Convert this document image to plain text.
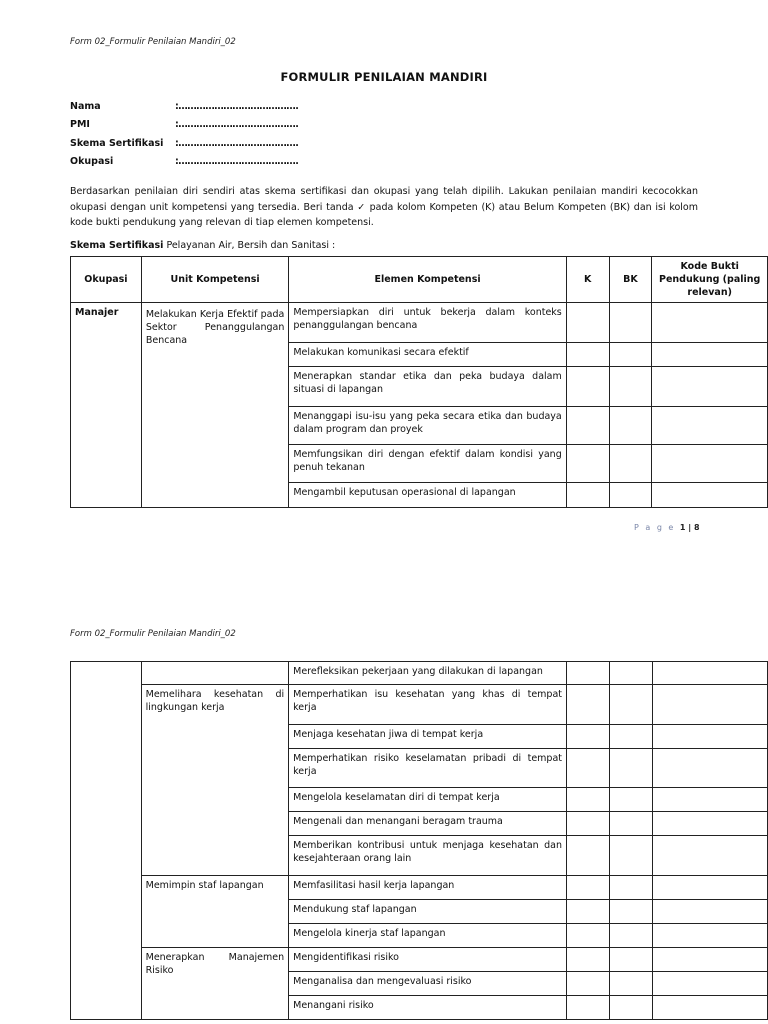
Form 02_Formulir Penilaian Mandiri_02
FORMULIR PENILAIAN MANDIRI
Nama	:………………………………….
PMI	:………………………………….
Skema Sertifikasi	:………………………………….
Okupasi	:………………………………….
Berdasarkan penilaian diri sendiri atas skema sertifikasi dan okupasi yang telah dipilih. Lakukan penilaian mandiri kecocokkan okupasi dengan unit kompetensi yang tersedia. Beri tanda ✓ pada kolom Kompeten (K) atau Belum Kompeten (BK) dan isi kolom kode bukti pendukung yang relevan di tiap elemen kompetensi.
Skema Sertifikasi Pelayanan Air, Bersih dan Sanitasi :
Okupasi	Unit Kompetensi	Elemen Kompetensi	K	BK	Kode Bukti Pendukung (paling relevan)
Manajer	Melakukan Kerja Efektif pada Sektor Penanggulangan Bencana	Mempersiapkan diri untuk bekerja dalam konteks penanggulangan bencana			
		Melakukan komunikasi secara efektif			
		Menerapkan standar etika dan peka budaya dalam situasi di lapangan			
		Menanggapi isu-isu yang peka secara etika dan budaya dalam program dan proyek			
		Memfungsikan diri dengan efektif dalam kondisi yang penuh tekanan			
		Mengambil keputusan operasional di lapangan			
P a g e 1 | 8
Form 02_Formulir Penilaian Mandiri_02
		Merefleksikan pekerjaan yang dilakukan di lapangan			
	Memelihara kesehatan di lingkungan kerja	Memperhatikan isu kesehatan yang khas di tempat kerja			
		Menjaga kesehatan jiwa di tempat kerja			
		Memperhatikan risiko keselamatan pribadi di tempat kerja			
		Mengelola keselamatan diri di tempat kerja			
		Mengenali dan menangani beragam trauma			
		Memberikan kontribusi untuk menjaga kesehatan dan kesejahteraan orang lain			
	Memimpin staf lapangan	Memfasilitasi hasil kerja lapangan			
		Mendukung staf lapangan			
		Mengelola kinerja staf lapangan			
	Menerapkan Manajemen Risiko	Mengidentifikasi risiko			
		Menganalisa dan mengevaluasi risiko			
		Menangani risiko			
